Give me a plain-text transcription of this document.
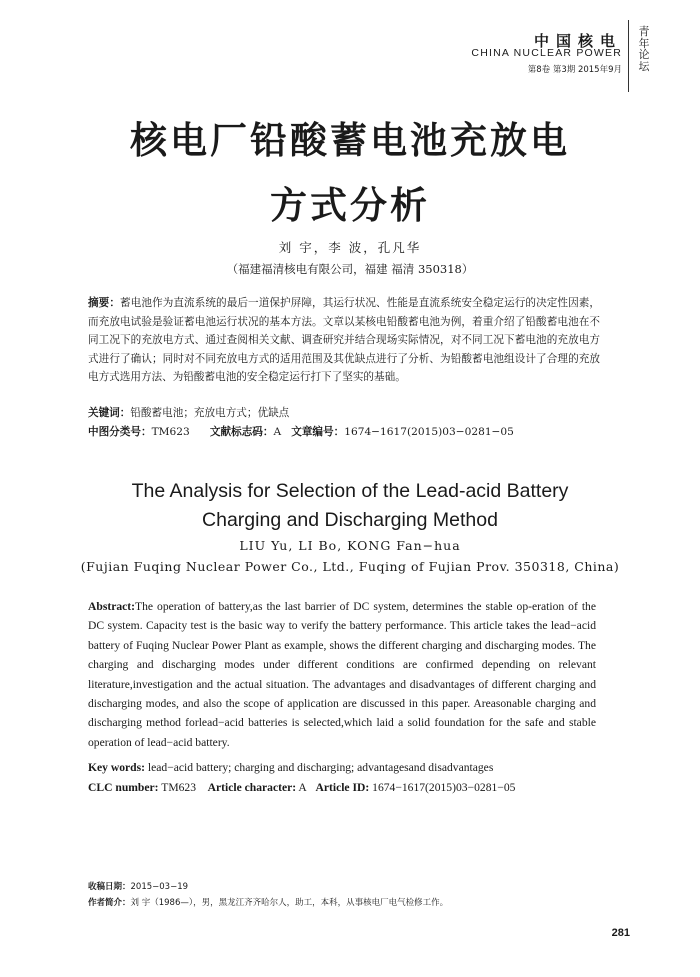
中国核电
CHINA NUCLEAR POWER
第8卷 第3期 2015年9月
青年论坛
核电厂铅酸蓄电池充放电
方式分析
刘 宇，李 波，孔凡华
（福建福清核电有限公司，福建 福清 350318）
摘要：蓄电池作为直流系统的最后一道保护屏障，其运行状况、性能是直流系统安全稳定运行的决定性因素，而充放电试验是验证蓄电池运行状况的基本方法。文章以某核电铅酸蓄电池为例，着重介绍了铅酸蓄电池在不同工况下的充放电方式、通过查阅相关文献、调查研究并结合现场实际情况，对不同工况下蓄电池的充放电方式进行了确认；同时对不同充放电方式的适用范围及其优缺点进行了分析、为铅酸蓄电池组设计了合理的充放电方式选用方法、为铅酸蓄电池的安全稳定运行打下了坚实的基础。
关键词：铅酸蓄电池；充放电方式；优缺点
中图分类号：TM623 文献标志码：A 文章编号：1674−1617(2015)03−0281−05
The Analysis for Selection of the Lead-acid Battery
Charging and Discharging Method
LIU Yu, LI Bo, KONG Fan−hua
(Fujian Fuqing Nuclear Power Co., Ltd., Fuqing of Fujian Prov. 350318, China)
Abstract:The operation of battery,as the last barrier of DC system, determines the stable op-eration of the DC system. Capacity test is the basic way to verify the battery performance. This article takes the lead−acid battery of Fuqing Nuclear Power Plant as example, shows the different charging and discharging modes. The charging and discharging modes under different conditions are confirmed depending on relevant literature,investigation and the actual situation. The advantages and disadvantages of different charging and discharging modes, and also the scope of application are discussed in this paper. Areasonable charging and discharging method forlead−acid batteries is selected,which laid a solid foundation for the safe and stable operation of lead−acid battery.
Key words: lead−acid battery; charging and discharging; advantagesand disadvantages
CLC number: TM623 Article character: A Article ID: 1674−1617(2015)03−0281−05
收稿日期：2015−03−19
作者简介：刘 宇（1986—），男，黑龙江齐齐哈尔人，助工，本科，从事核电厂电气检修工作。
281
